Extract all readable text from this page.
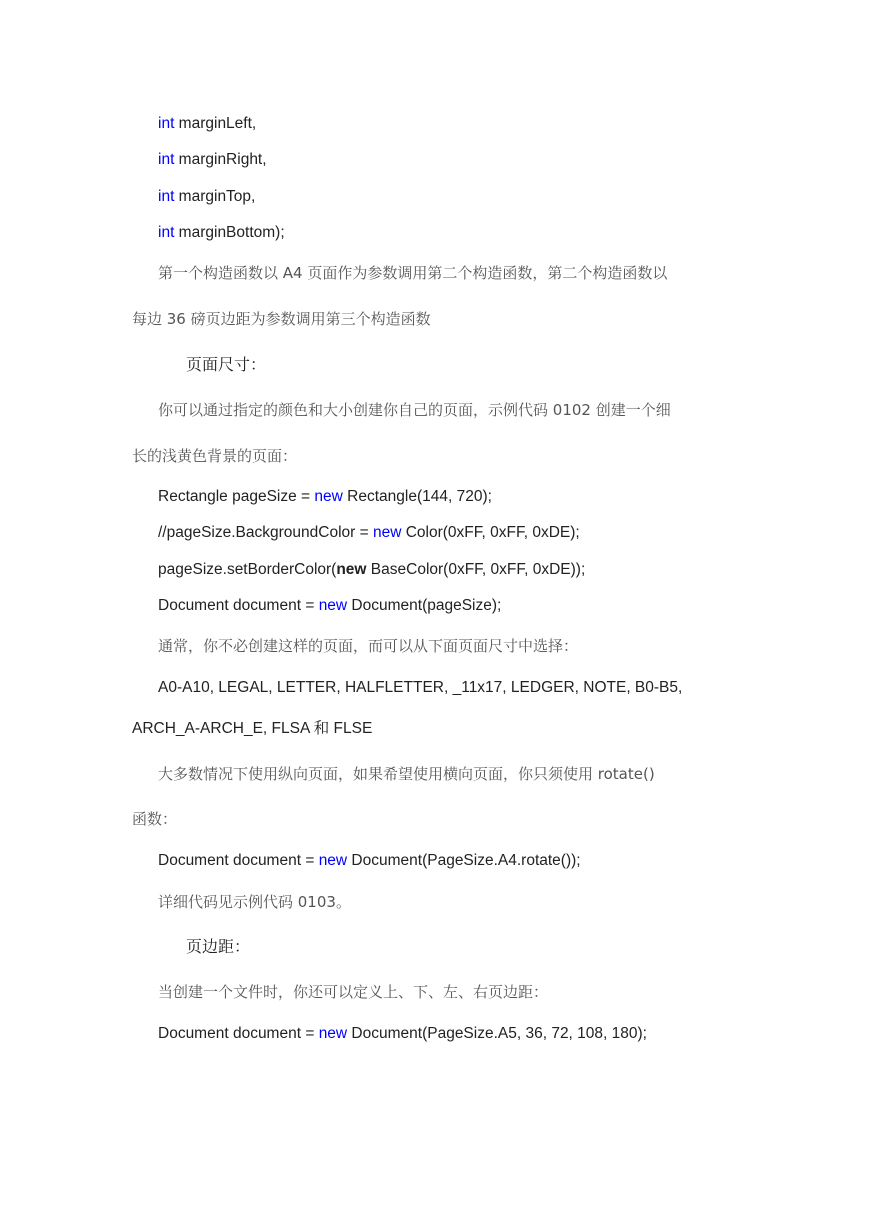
int marginLeft,
int marginRight,
int marginTop,
int marginBottom);
第一个构造函数以 A4 页面作为参数调用第二个构造函数，第二个构造函数以
每边 36 磅页边距为参数调用第三个构造函数
页面尺寸：
你可以通过指定的颜色和大小创建你自己的页面，示例代码 0102 创建一个细
长的浅黄色背景的页面：
Rectangle pageSize = new Rectangle(144, 720);
//pageSize.BackgroundColor = new Color(0xFF, 0xFF, 0xDE);
pageSize.setBorderColor(new BaseColor(0xFF, 0xFF, 0xDE));
Document document = new Document(pageSize);
通常，你不必创建这样的页面，而可以从下面页面尺寸中选择：
A0-A10, LEGAL, LETTER, HALFLETTER, _11x17, LEDGER, NOTE, B0-B5,
ARCH_A-ARCH_E, FLSA 和 FLSE
大多数情况下使用纵向页面，如果希望使用横向页面，你只须使用 rotate()
函数：
Document document = new Document(PageSize.A4.rotate());
详细代码见示例代码 0103。
页边距：
当创建一个文件时，你还可以定义上、下、左、右页边距：
Document document = new Document(PageSize.A5, 36, 72, 108, 180);
